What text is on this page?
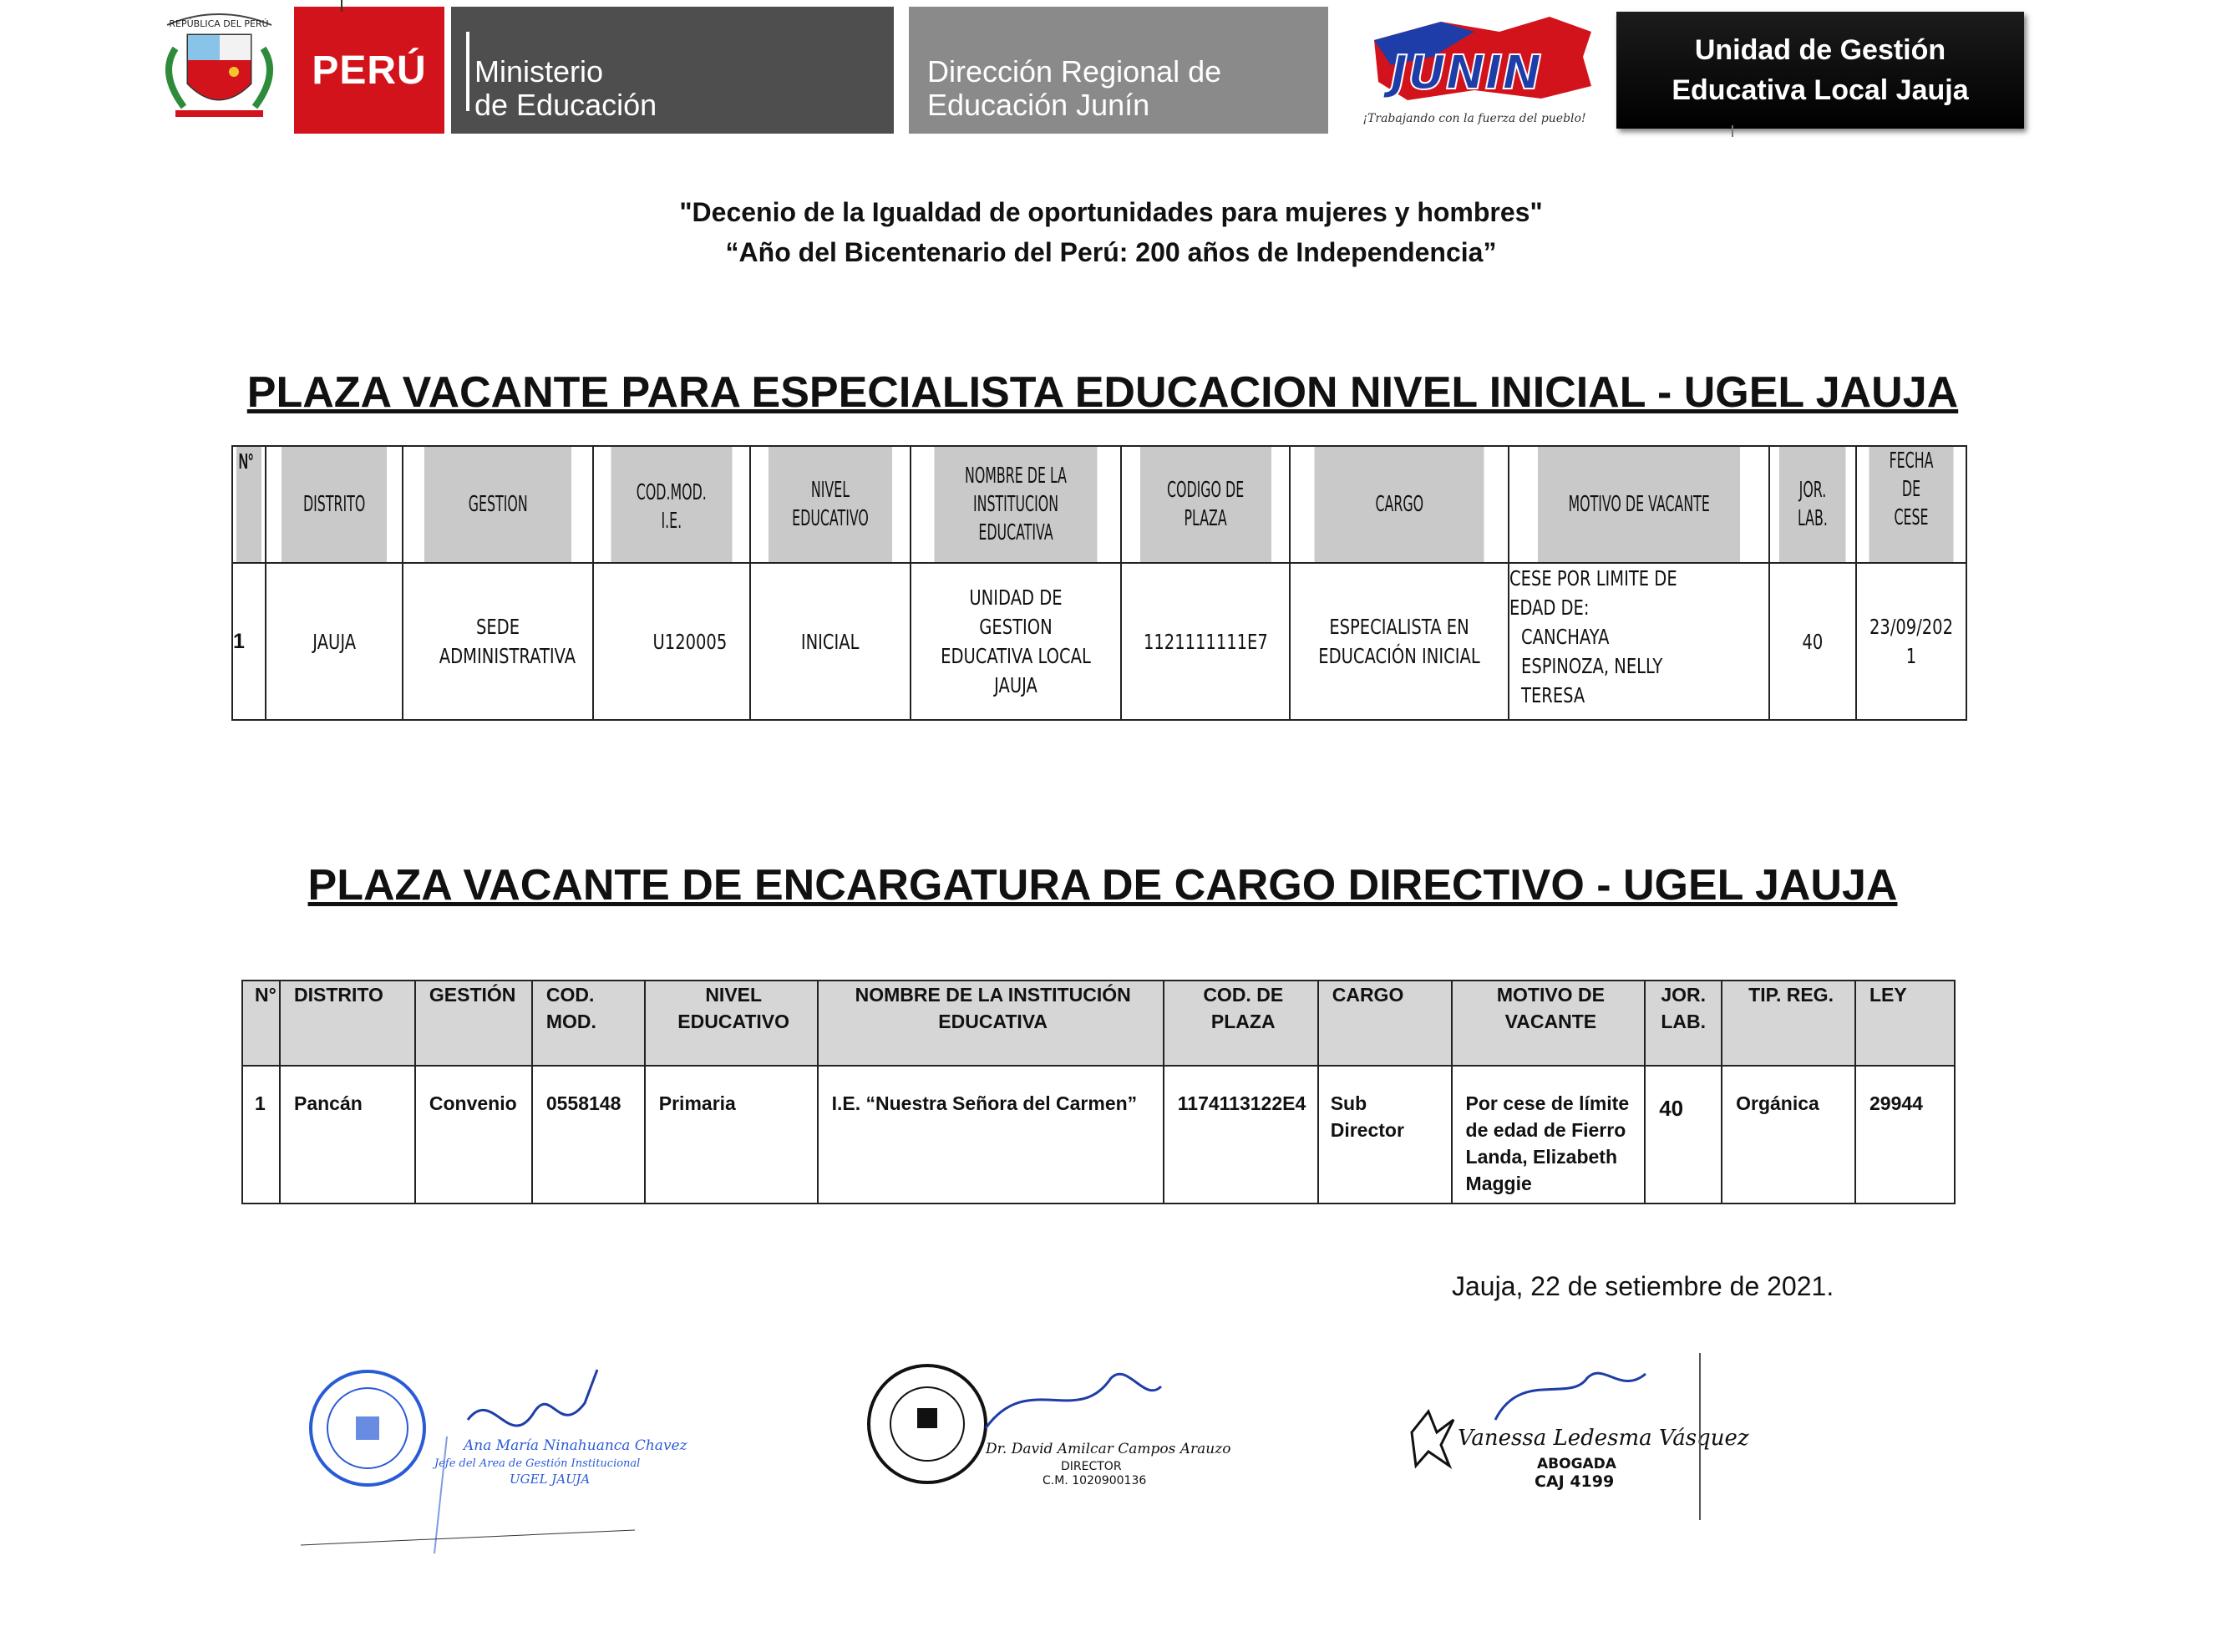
REPÚBLICA DEL PERÚ
PERÚ Ministerio
de Educación
Dirección Regional de
Educación Junín
JUNIN
¡Trabajando con la fuerza del pueblo!
Unidad de Gestión
Educativa Local Jauja
"Decenio de la Igualdad de oportunidades para mujeres y hombres"
“Año del Bicentenario del Perú: 200 años de Independencia”
PLAZA VACANTE PARA ESPECIALISTA EDUCACION NIVEL INICIAL - UGEL JAUJA
N°	DISTRITO	GESTION	COD.MOD. I.E.	NIVEL EDUCATIVO	NOMBRE DE LA INSTITUCION EDUCATIVA	CODIGO DE PLAZA	CARGO	MOTIVO DE VACANTE	JOR. LAB.	FECHA DE CESE
1	JAUJA	SEDE ADMINISTRATIVA	U120005	INICIAL	UNIDAD DE GESTION EDUCATIVA LOCAL JAUJA	1121111111E7	ESPECIALISTA EN EDUCACIÓN INICIAL	CESE POR LIMITE DE EDAD DE:
CANCHAYA ESPINOZA, NELLY TERESA	40	23/09/2021
PLAZA VACANTE DE ENCARGATURA DE CARGO DIRECTIVO - UGEL JAUJA
N°	DISTRITO	GESTIÓN	COD. MOD.	NIVEL EDUCATIVO	NOMBRE DE LA INSTITUCIÓN EDUCATIVA	COD. DE PLAZA	CARGO	MOTIVO DE VACANTE	JOR. LAB.	TIP. REG.	LEY
1	Pancán	Convenio	0558148	Primaria	I.E. “Nuestra Señora del Carmen”	1174113122E4	Sub Director	Por cese de límite de edad de Fierro Landa, Elizabeth Maggie	40	Orgánica	29944
Jauja, 22 de setiembre de 2021.
Ana María Ninahuanca Chavez
Jefe del Area de Gestión Institucional
UGEL JAUJA
Dr. David Amilcar Campos Arauzo
DIRECTOR
C.M. 1020900136
Vanessa Ledesma Vásquez
ABOGADA
CAJ 4199
